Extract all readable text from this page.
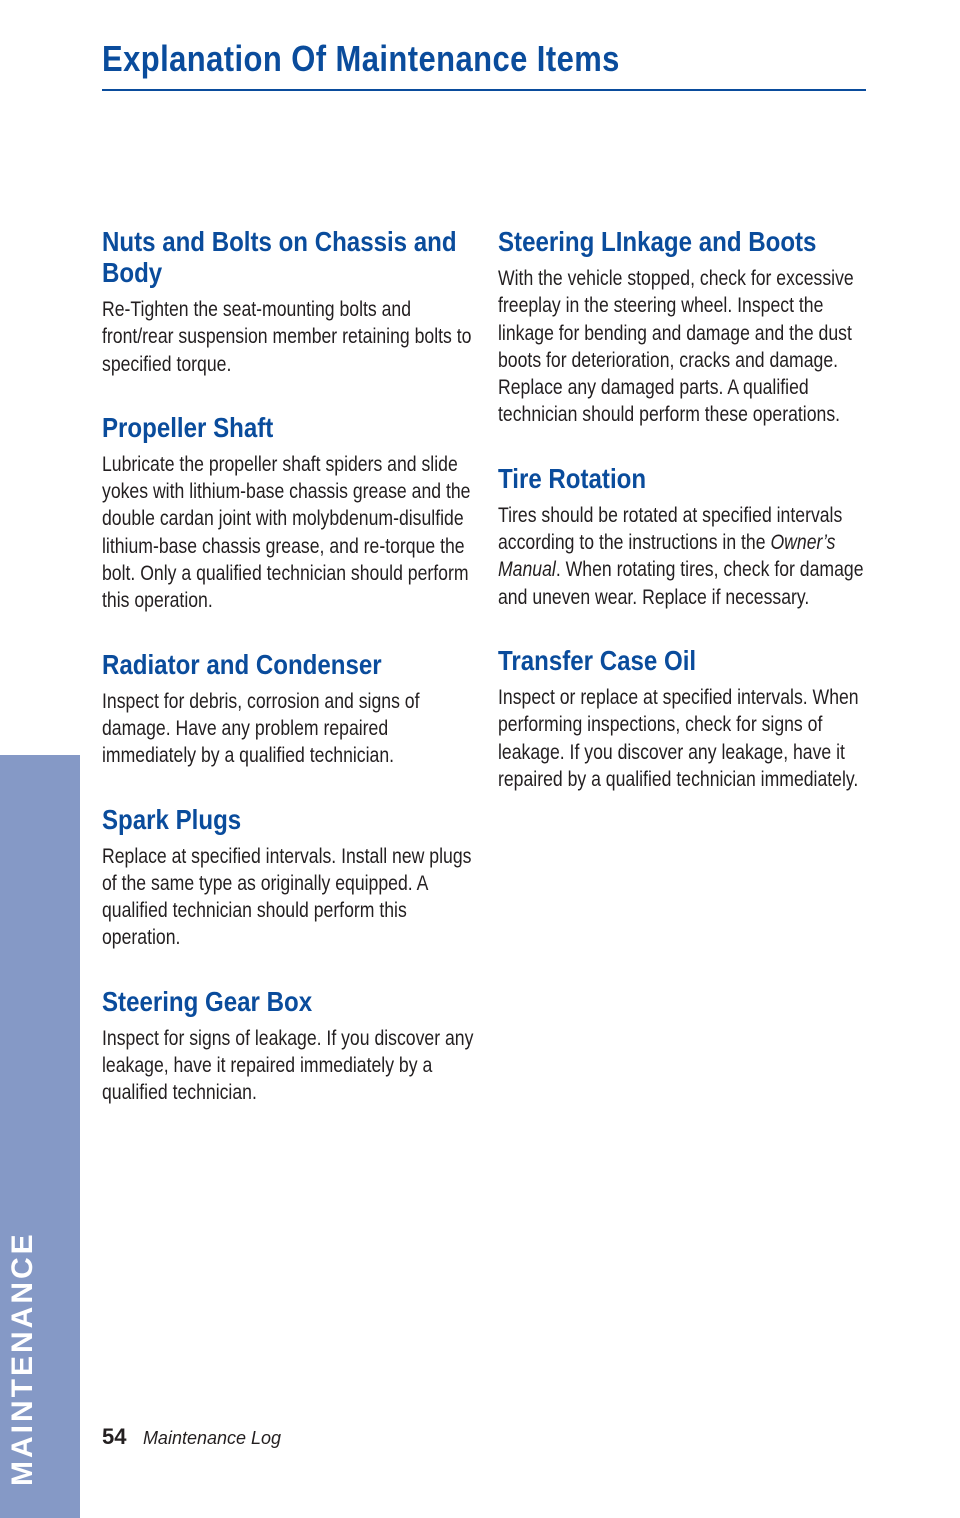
Explanation Of Maintenance Items
Nuts and Bolts on Chassis and Body

Re-Tighten the seat-mounting bolts and front/rear suspension member retaining bolts to specified torque.

Propeller Shaft

Lubricate the propeller shaft spiders and slide yokes with lithium-base chassis grease and the double cardan joint with molybdenum-disulfide lithium-base chassis grease, and re-torque the bolt. Only a qualified technician should perform this operation.

Radiator and Condenser

Inspect for debris, corrosion and signs of damage. Have any problem repaired immediately by a qualified technician.

Spark Plugs

Replace at specified intervals. Install new plugs of the same type as originally equipped. A qualified technician should perform this operation.

Steering Gear Box

Inspect for signs of leakage. If you discover any leakage, have it repaired immediately by a qualified technician.

Steering LInkage and Boots

With the vehicle stopped, check for excessive freeplay in the steering wheel. Inspect the linkage for bending and damage and the dust boots for deterioration, cracks and damage. Replace any damaged parts. A qualified technician should perform these operations.

Tire Rotation

Tires should be rotated at specified intervals according to the instructions in the Owner’s Manual. When rotating tires, check for damage and uneven wear. Replace if necessary.

Transfer Case Oil

Inspect or replace at specified intervals. When performing inspections, check for signs of leakage. If you discover any leakage, have it repaired by a qualified technician immediately.

MAINTENANCE	54 Maintenance Log
